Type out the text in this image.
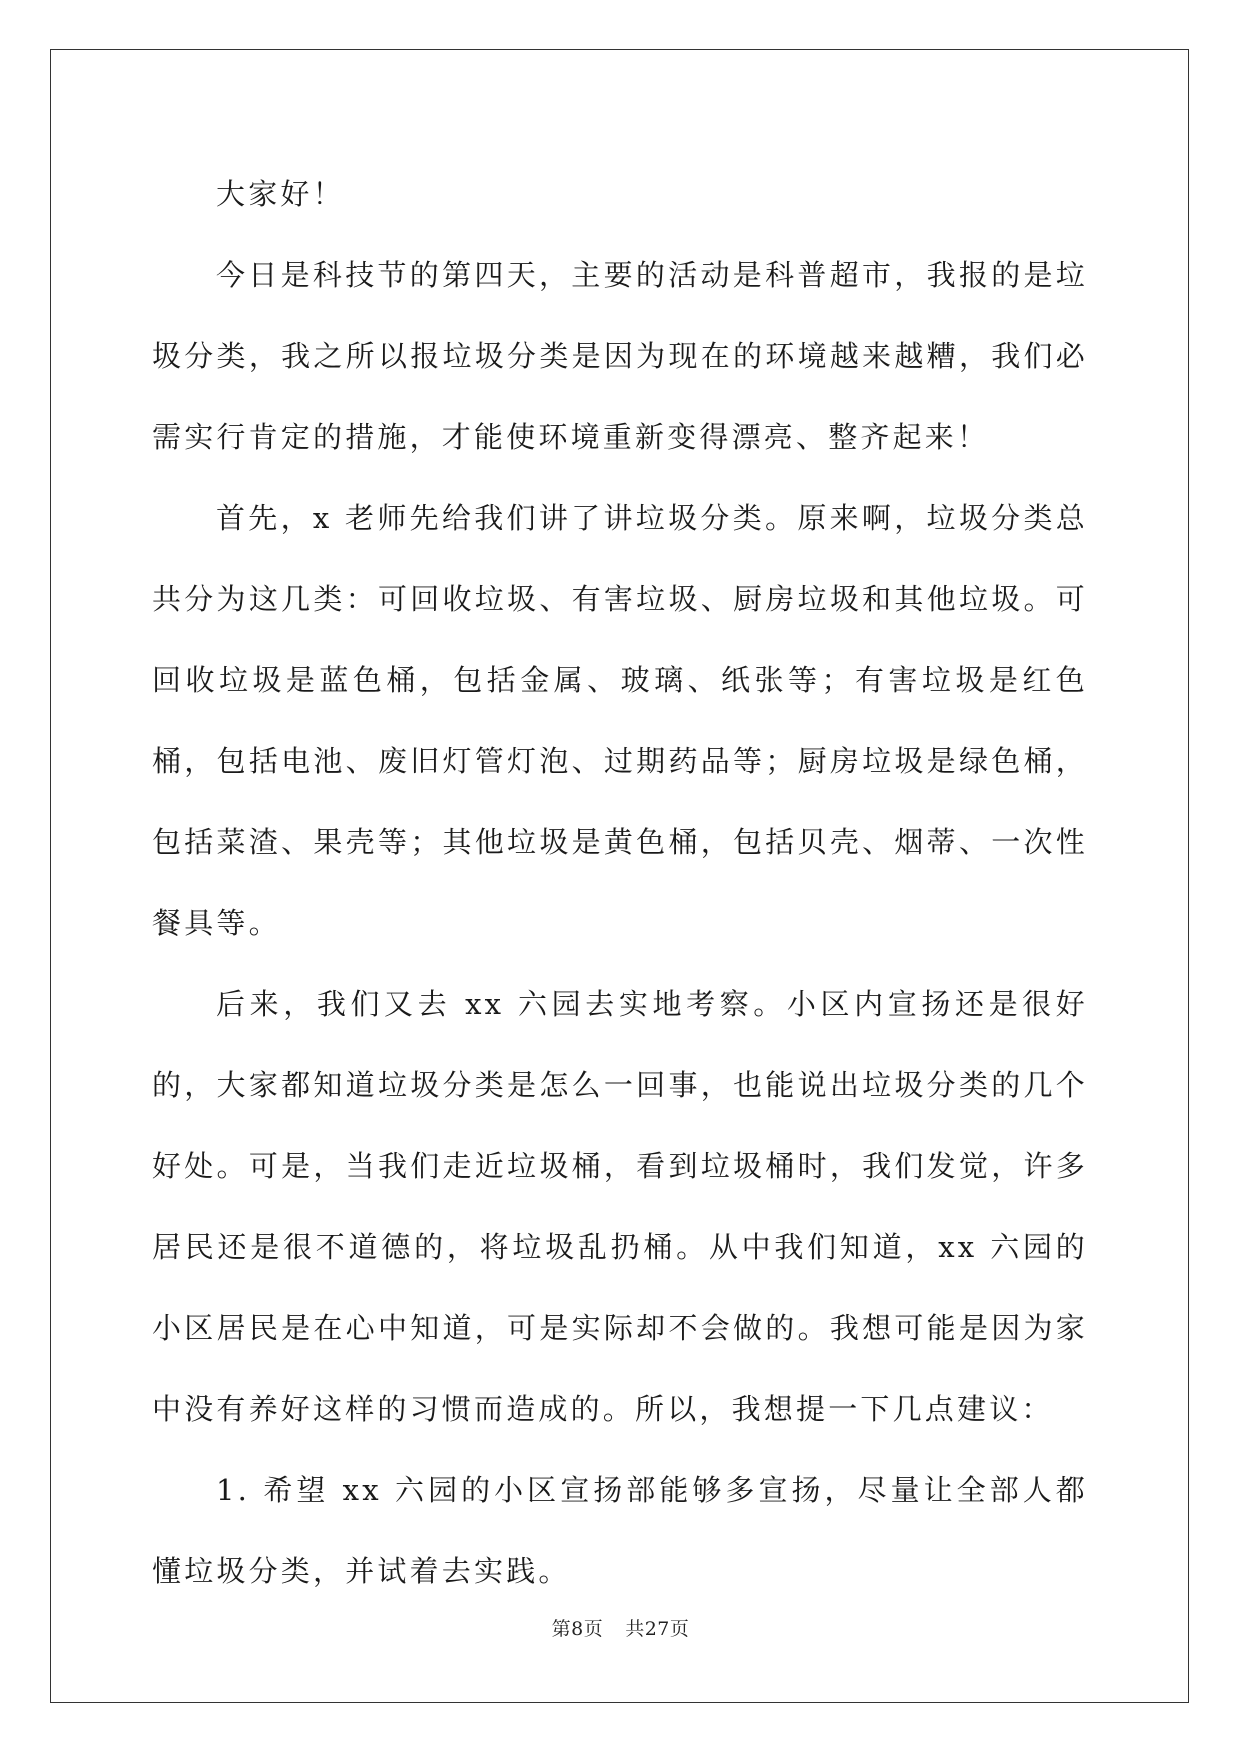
大家好！

今日是科技节的第四天，主要的活动是科普超市，我报的是垃圾分类，我之所以报垃圾分类是因为现在的环境越来越糟，我们必需实行肯定的措施，才能使环境重新变得漂亮、整齐起来！

首先，x 老师先给我们讲了讲垃圾分类。原来啊，垃圾分类总共分为这几类：可回收垃圾、有害垃圾、厨房垃圾和其他垃圾。可回收垃圾是蓝色桶，包括金属、玻璃、纸张等；有害垃圾是红色桶，包括电池、废旧灯管灯泡、过期药品等；厨房垃圾是绿色桶，包括菜渣、果壳等；其他垃圾是黄色桶，包括贝壳、烟蒂、一次性餐具等。

后来，我们又去 xx 六园去实地考察。小区内宣扬还是很好的，大家都知道垃圾分类是怎么一回事，也能说出垃圾分类的几个好处。可是，当我们走近垃圾桶，看到垃圾桶时，我们发觉，许多居民还是很不道德的，将垃圾乱扔桶。从中我们知道，xx 六园的小区居民是在心中知道，可是实际却不会做的。我想可能是因为家中没有养好这样的习惯而造成的。所以，我想提一下几点建议：

1. 希望 xx 六园的小区宣扬部能够多宣扬，尽量让全部人都懂垃圾分类，并试着去实践。

第8页 共27页
